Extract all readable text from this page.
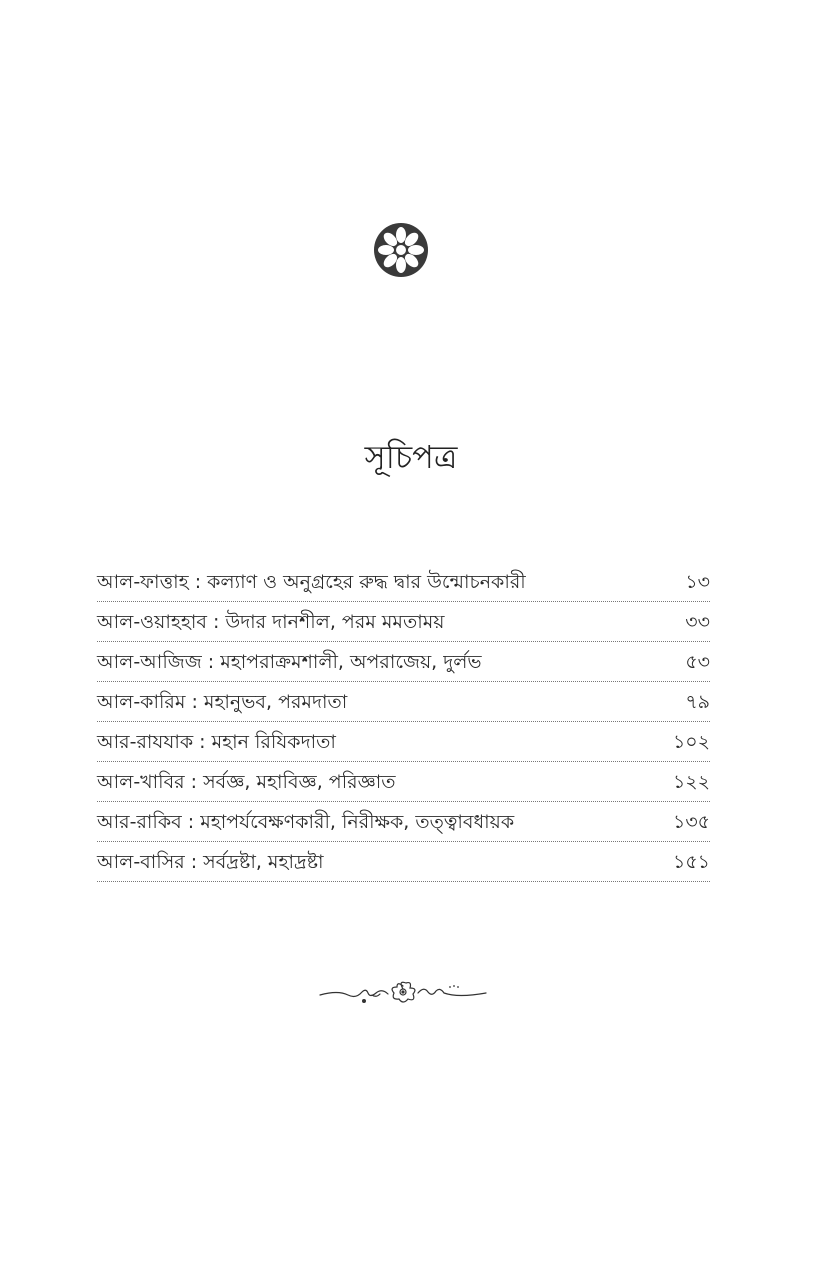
সূচিপত্র
আল-ফাত্তাহ : কল্যাণ ও অনুগ্রহের রুদ্ধ দ্বার উন্মোচনকারী	১৩
আল-ওয়াহহাব : উদার দানশীল, পরম মমতাময়	৩৩
আল-আজিজ : মহাপরাক্রমশালী, অপরাজেয়, দুর্লভ	৫৩
আল-কারিম : মহানুভব, পরমদাতা	৭৯
আর-রাযযাক : মহান রিযিকদাতা	১০২
আল-খাবির : সর্বজ্ঞ, মহাবিজ্ঞ, পরিজ্ঞাত	১২২
আর-রাকিব : মহাপর্যবেক্ষণকারী, নিরীক্ষক, তত্ত্বাবধায়ক	১৩৫
আল-বাসির : সর্বদ্রষ্টা, মহাদ্রষ্টা	১৫১
